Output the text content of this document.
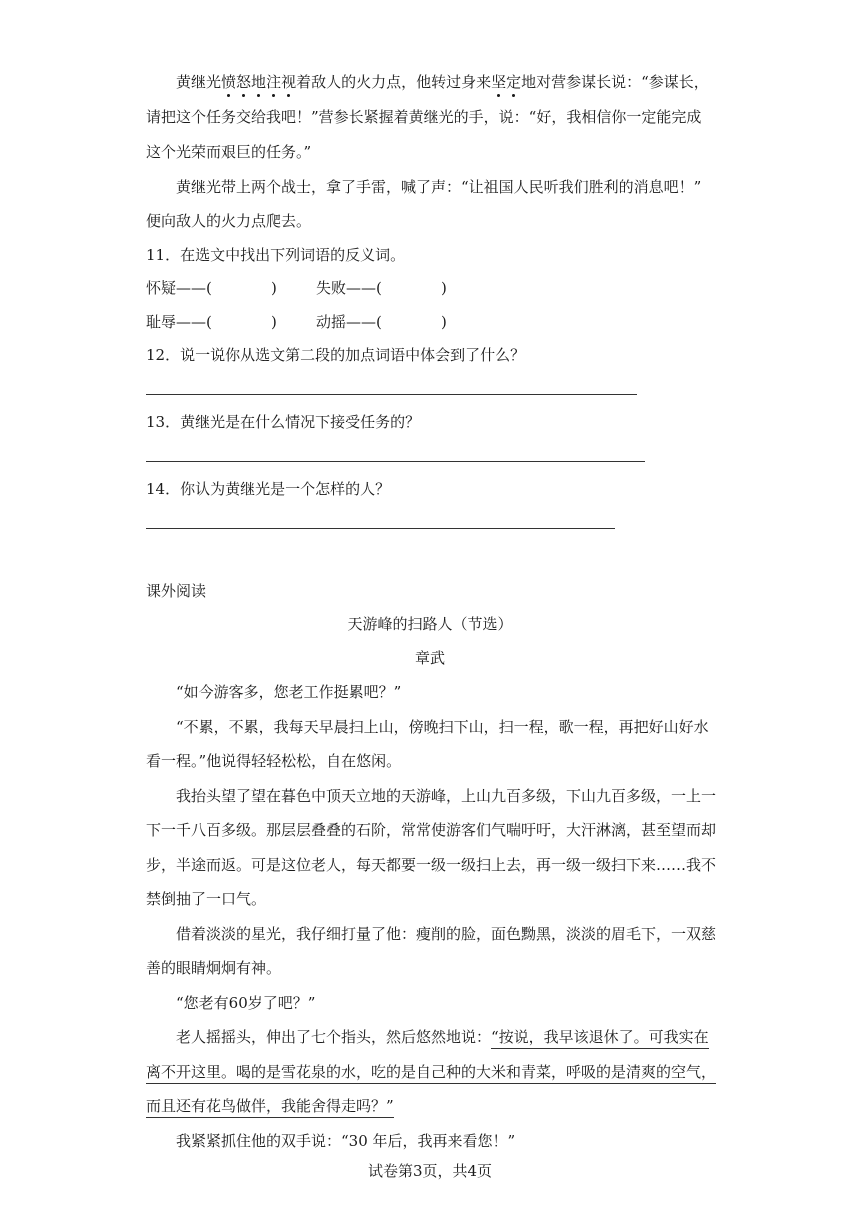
黄继光愤怒地注视着敌人的火力点，他转过身来坚定地对营参谋长说：“参谋长，
请把这个任务交给我吧！”营参长紧握着黄继光的手，说：“好，我相信你一定能完成
这个光荣而艰巨的任务。”
黄继光带上两个战士，拿了手雷，喊了声：“让祖国人民听我们胜利的消息吧！”
便向敌人的火力点爬去。
11．在选文中找出下列词语的反义词。
怀疑——(	)	失败——(	)
耻辱——(	)	动摇——(	)
12．说一说你从选文第二段的加点词语中体会到了什么？
13．黄继光是在什么情况下接受任务的？
14．你认为黄继光是一个怎样的人？
课外阅读
天游峰的扫路人（节选）
章武
“如今游客多，您老工作挺累吧？”
“不累，不累，我每天早晨扫上山，傍晚扫下山，扫一程，歌一程，再把好山好水
看一程。”他说得轻轻松松，自在悠闲。
我抬头望了望在暮色中顶天立地的天游峰，上山九百多级，下山九百多级，一上一
下一千八百多级。那层层叠叠的石阶，常常使游客们气喘吁吁，大汗淋漓，甚至望而却
步，半途而返。可是这位老人，每天都要一级一级扫上去，再一级一级扫下来……我不
禁倒抽了一口气。
借着淡淡的星光，我仔细打量了他：瘦削的脸，面色黝黑，淡淡的眉毛下，一双慈
善的眼睛炯炯有神。
“您老有60岁了吧？”
老人摇摇头，伸出了七个指头，然后悠然地说：“按说，我早该退休了。可我实在
离不开这里。喝的是雪花泉的水，吃的是自己种的大米和青菜，呼吸的是清爽的空气，
而且还有花鸟做伴，我能舍得走吗？”
我紧紧抓住他的双手说：“30 年后，我再来看您！”
试卷第3页，共4页
